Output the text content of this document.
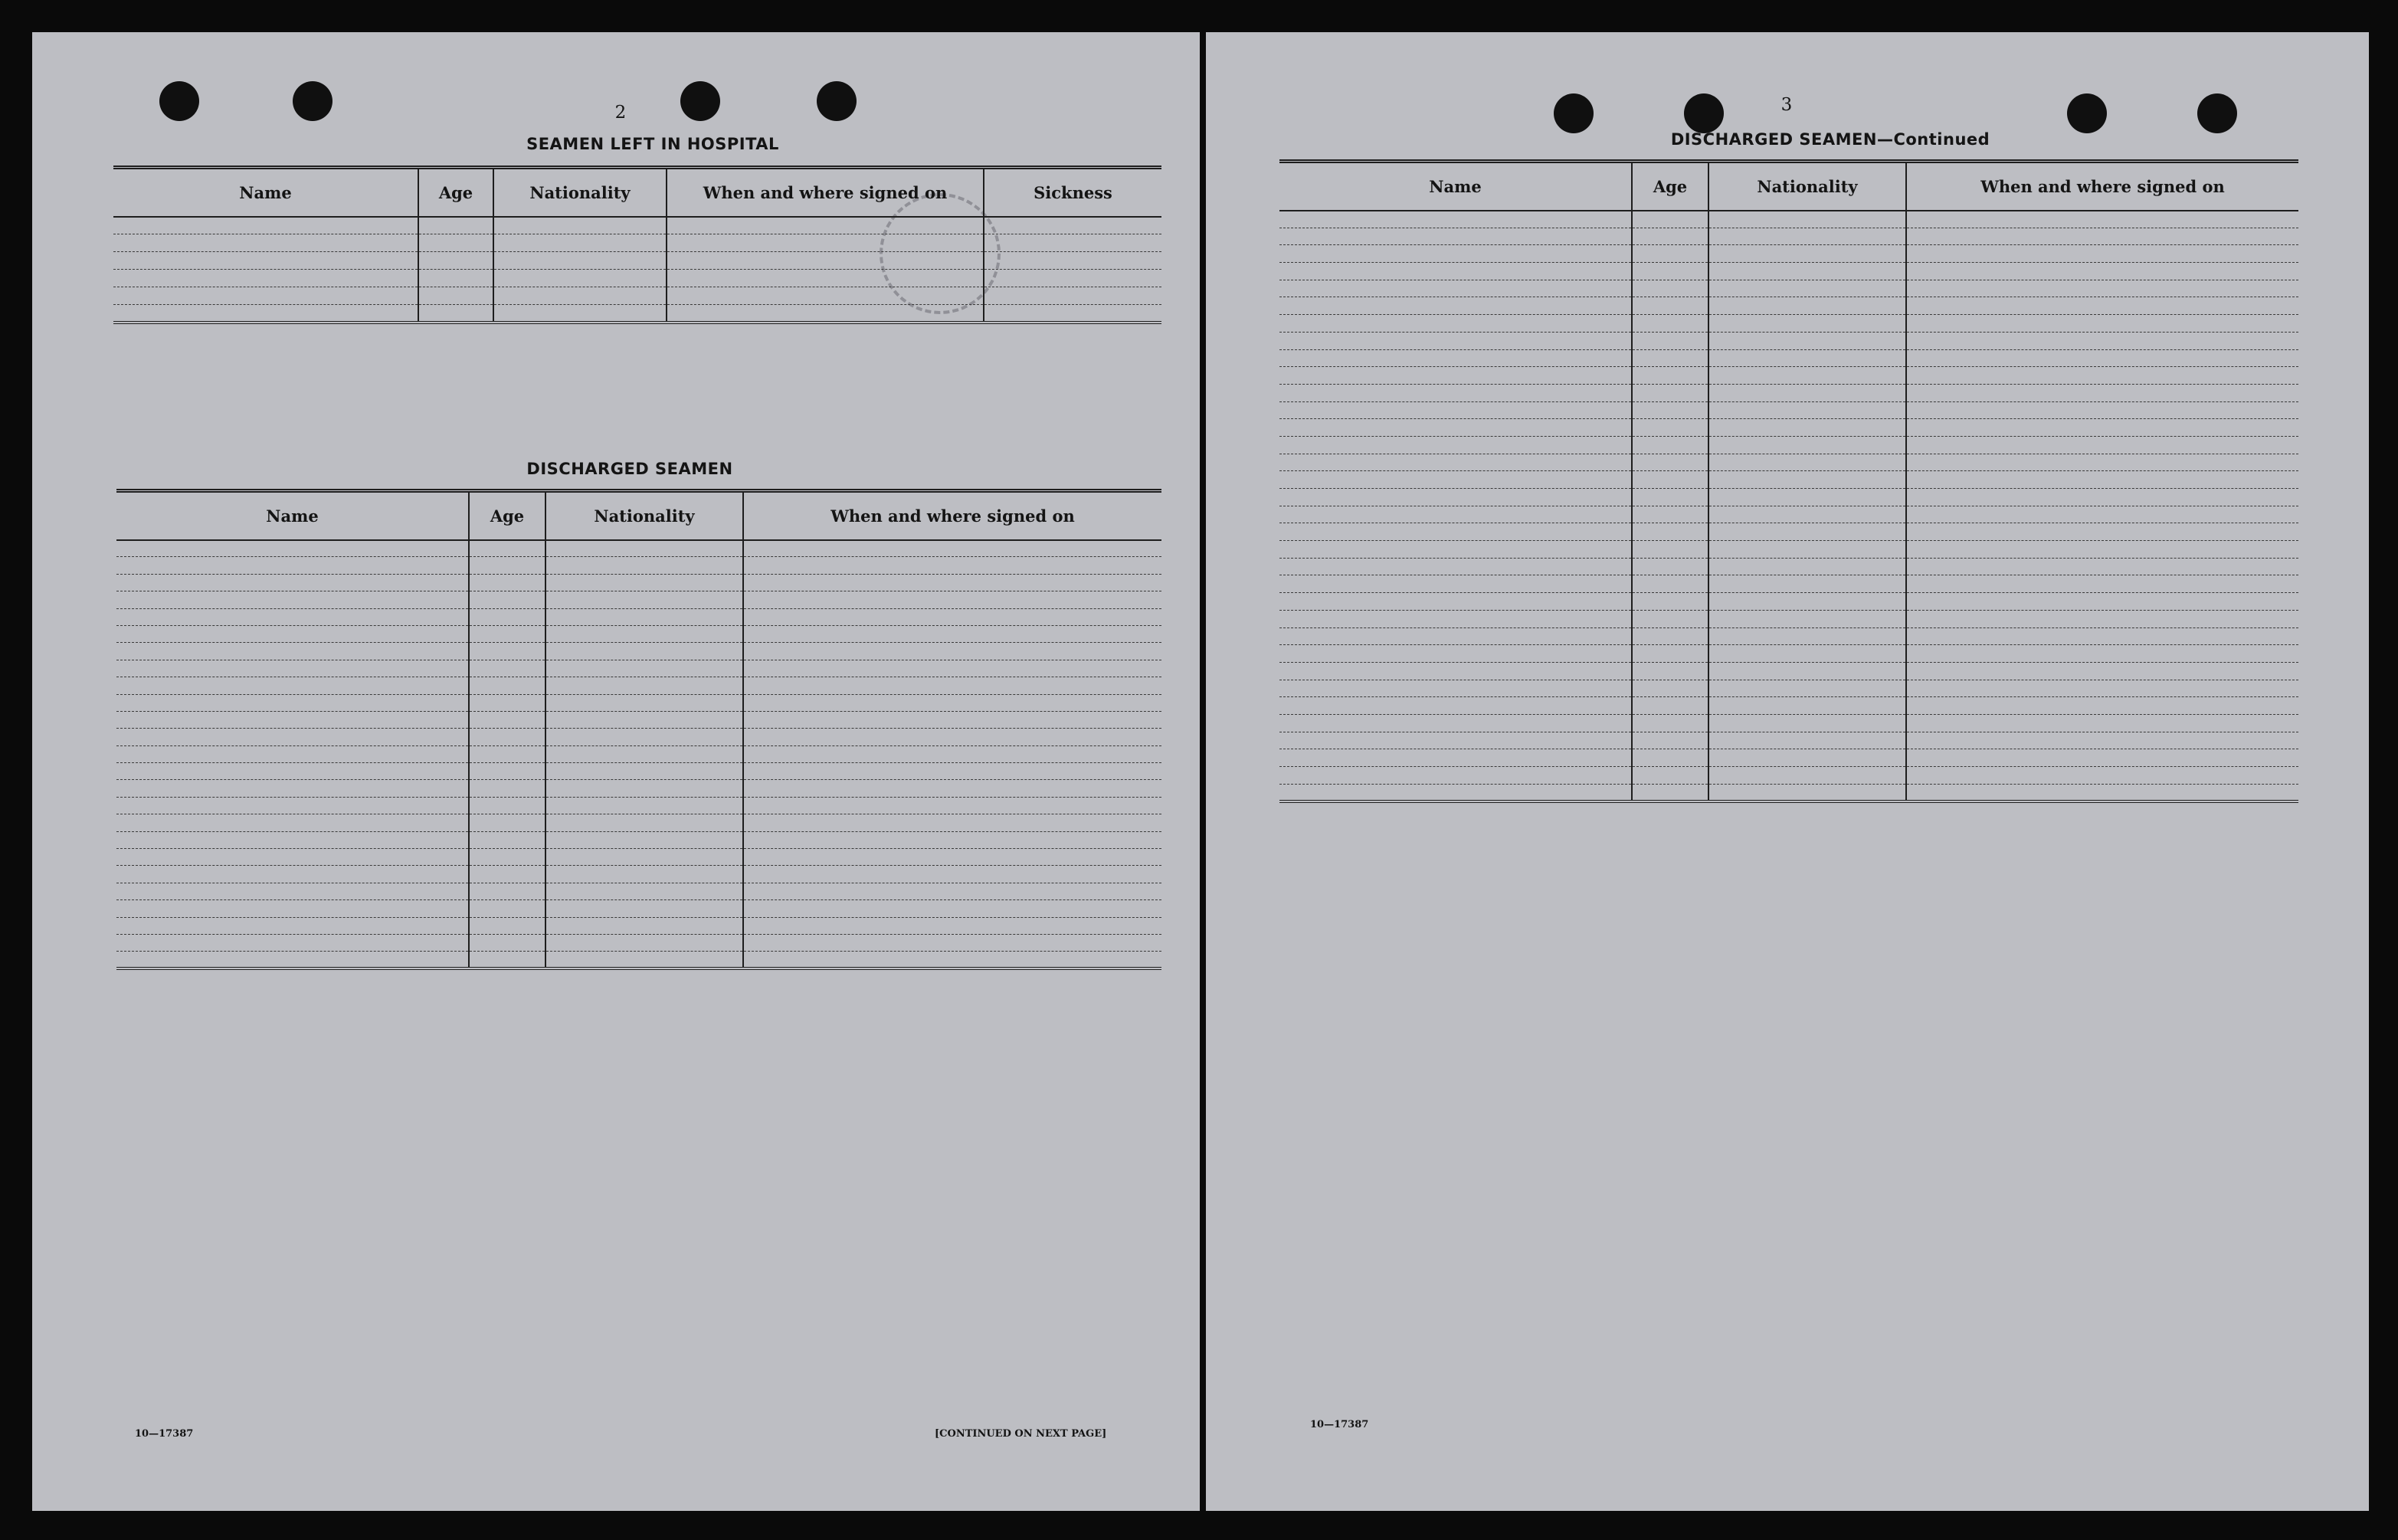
2
SEAMEN LEFT IN HOSPITAL
Name	Age	Nationality	When and where signed on	Sickness

DISCHARGED SEAMEN
Name	Age	Nationality	When and where signed on

10—17387	[CONTINUED ON NEXT PAGE]
3
DISCHARGED SEAMEN—Continued
Name	Age	Nationality	When and where signed on

10—17387
